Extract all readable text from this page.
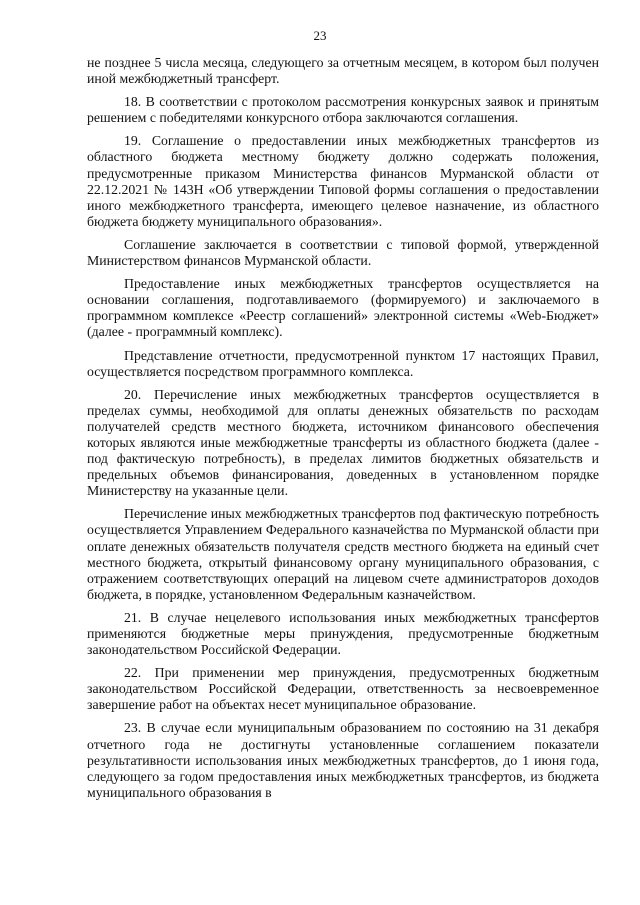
23

не позднее 5 числа месяца, следующего за отчетным месяцем, в котором был получен иной межбюджетный трансферт.

18. В соответствии с протоколом рассмотрения конкурсных заявок и принятым решением с победителями конкурсного отбора заключаются соглашения.

19. Соглашение о предоставлении иных межбюджетных трансфертов из областного бюджета местному бюджету должно содержать положения, предусмотренные приказом Министерства финансов Мурманской области от 22.12.2021 № 143Н «Об утверждении Типовой формы соглашения о предоставлении иного межбюджетного трансферта, имеющего целевое назначение, из областного бюджета бюджету муниципального образования».

Соглашение заключается в соответствии с типовой формой, утвержденной Министерством финансов Мурманской области.

Предоставление иных межбюджетных трансфертов осуществляется на основании соглашения, подготавливаемого (формируемого) и заключаемого в программном комплексе «Реестр соглашений» электронной системы «Web-Бюджет» (далее - программный комплекс).

Представление отчетности, предусмотренной пунктом 17 настоящих Правил, осуществляется посредством программного комплекса.

20. Перечисление иных межбюджетных трансфертов осуществляется в пределах суммы, необходимой для оплаты денежных обязательств по расходам получателей средств местного бюджета, источником финансового обеспечения которых являются иные межбюджетные трансферты из областного бюджета (далее - под фактическую потребность), в пределах лимитов бюджетных обязательств и предельных объемов финансирования, доведенных в установленном порядке Министерству на указанные цели.

Перечисление иных межбюджетных трансфертов под фактическую потребность осуществляется Управлением Федерального казначейства по Мурманской области при оплате денежных обязательств получателя средств местного бюджета на единый счет местного бюджета, открытый финансовому органу муниципального образования, с отражением соответствующих операций на лицевом счете администраторов доходов бюджета, в порядке, установленном Федеральным казначейством.

21. В случае нецелевого использования иных межбюджетных трансфертов применяются бюджетные меры принуждения, предусмотренные бюджетным законодательством Российской Федерации.

22. При применении мер принуждения, предусмотренных бюджетным законодательством Российской Федерации, ответственность за несвоевременное завершение работ на объектах несет муниципальное образование.

23. В случае если муниципальным образованием по состоянию на 31 декабря отчетного года не достигнуты установленные соглашением показатели результативности использования иных межбюджетных трансфертов, до 1 июня года, следующего за годом предоставления иных межбюджетных трансфертов, из бюджета муниципального образования в
